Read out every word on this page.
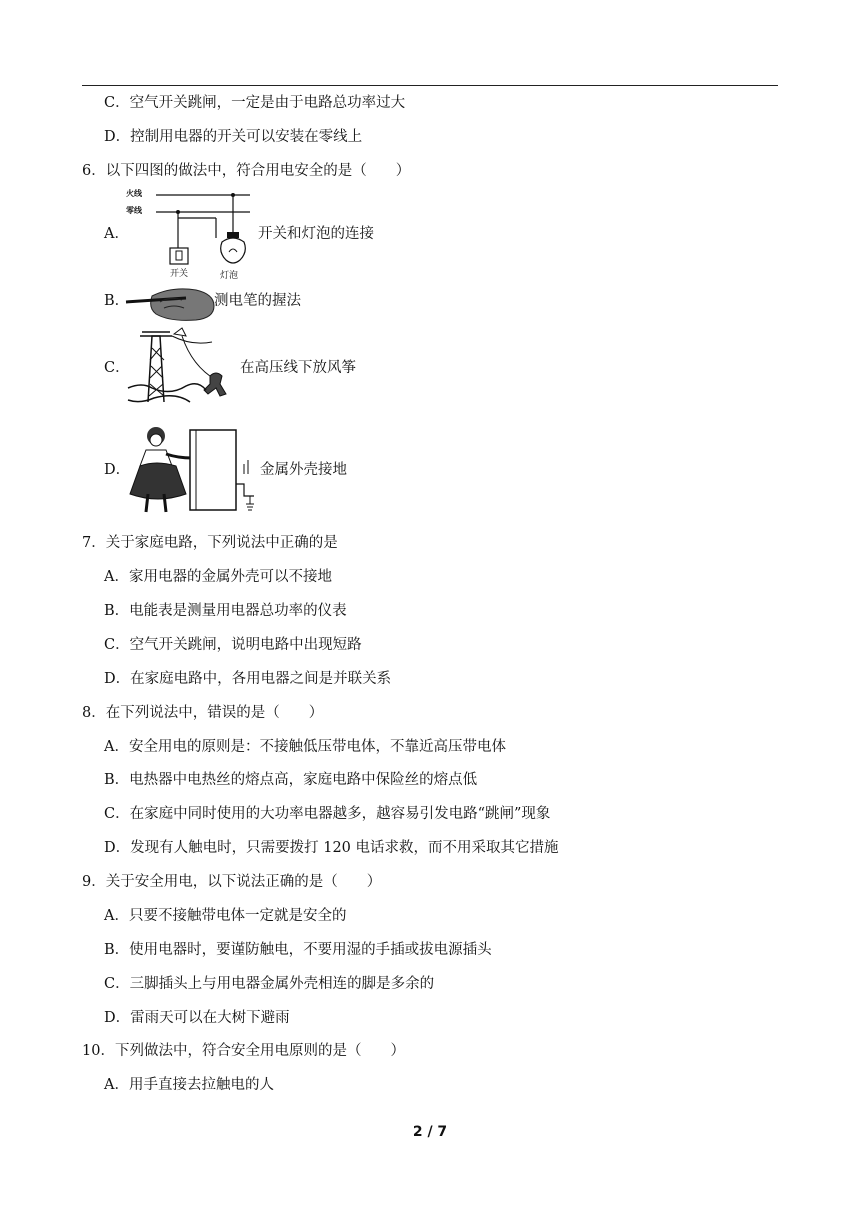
C．空气开关跳闸，一定是由于电路总功率过大
D．控制用电器的开关可以安装在零线上
6．以下四图的做法中，符合用电安全的是（　　）
A．
火线
零线
开关	灯泡
开关和灯泡的连接
B．	测电笔的握法
C．	在高压线下放风筝
D．	金属外壳接地
7．关于家庭电路，下列说法中正确的是
A．家用电器的金属外壳可以不接地
B．电能表是测量用电器总功率的仪表
C．空气开关跳闸，说明电路中出现短路
D．在家庭电路中，各用电器之间是并联关系
8．在下列说法中，错误的是（　　）
A．安全用电的原则是：不接触低压带电体，不靠近高压带电体
B．电热器中电热丝的熔点高，家庭电路中保险丝的熔点低
C．在家庭中同时使用的大功率电器越多，越容易引发电路“跳闸”现象
D．发现有人触电时，只需要拨打 120 电话求救，而不用采取其它措施
9．关于安全用电，以下说法正确的是（　　）
A．只要不接触带电体一定就是安全的
B．使用电器时，要谨防触电，不要用湿的手插或拔电源插头
C．三脚插头上与用电器金属外壳相连的脚是多余的
D．雷雨天可以在大树下避雨
10．下列做法中，符合安全用电原则的是（　　）
A．用手直接去拉触电的人
2 / 7
